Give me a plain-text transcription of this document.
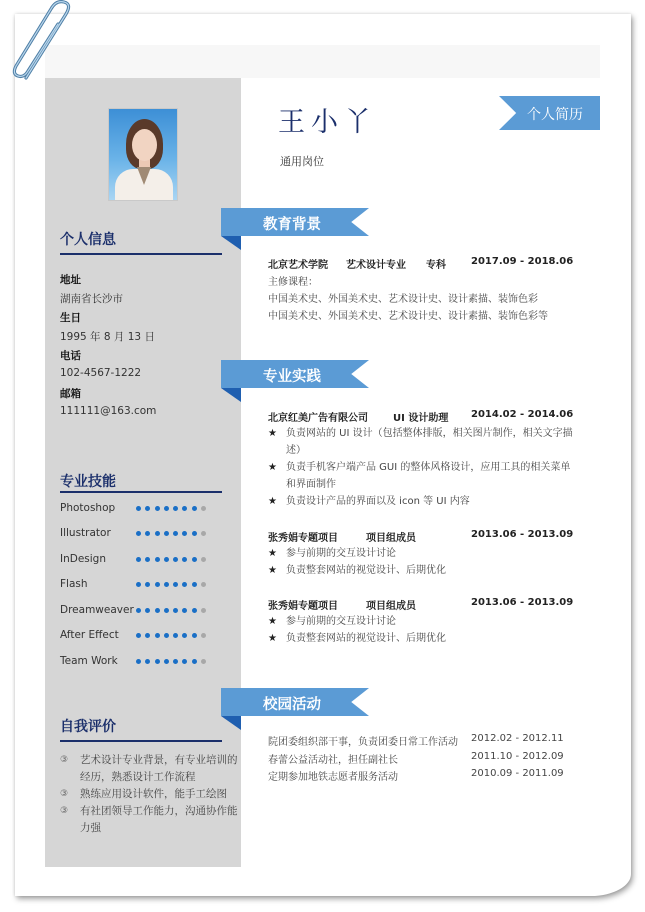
个人信息
地址
湖南省长沙市
生日
1995 年 8 月 13 日
电话
102-4567-1222
邮箱
111111@163.com
专业技能
Photoshop
Illustrator
InDesign
Flash
Dreamweaver
After Effect
Team Work
自我评价
③ 艺术设计专业背景，有专业培训的经历，熟悉设计工作流程
③ 熟练应用设计软件，能手工绘图
③ 有社团领导工作能力，沟通协作能力强
王小丫
通用岗位
个人简历
教育背景
北京艺术学院 艺术设计专业 专科	2017.09 - 2018.06
主修课程：
中国美术史、外国美术史、艺术设计史、设计素描、装饰色彩
中国美术史、外国美术史、艺术设计史、设计素描、装饰色彩等
专业实践
北京红美广告有限公司	UI 设计助理 2014.02 - 2014.06
★ 负责网站的 UI 设计（包括整体排版，相关图片制作，相关文字描述）
★ 负责手机客户端产品 GUI 的整体风格设计，应用工具的相关菜单和界面制作
★ 负责设计产品的界面以及 icon 等 UI 内容
张秀娟专题项目	项目组成员	2013.06 - 2013.09
★ 参与前期的交互设计讨论
★ 负责整套网站的视觉设计、后期优化
张秀娟专题项目	项目组成员	2013.06 - 2013.09
★ 参与前期的交互设计讨论
★ 负责整套网站的视觉设计、后期优化
校园活动
院团委组织部干事，负责团委日常工作活动 2012.02 - 2012.11
春蕾公益活动社，担任副社长	2011.10 - 2012.09
定期参加地铁志愿者服务活动	2010.09 - 2011.09
